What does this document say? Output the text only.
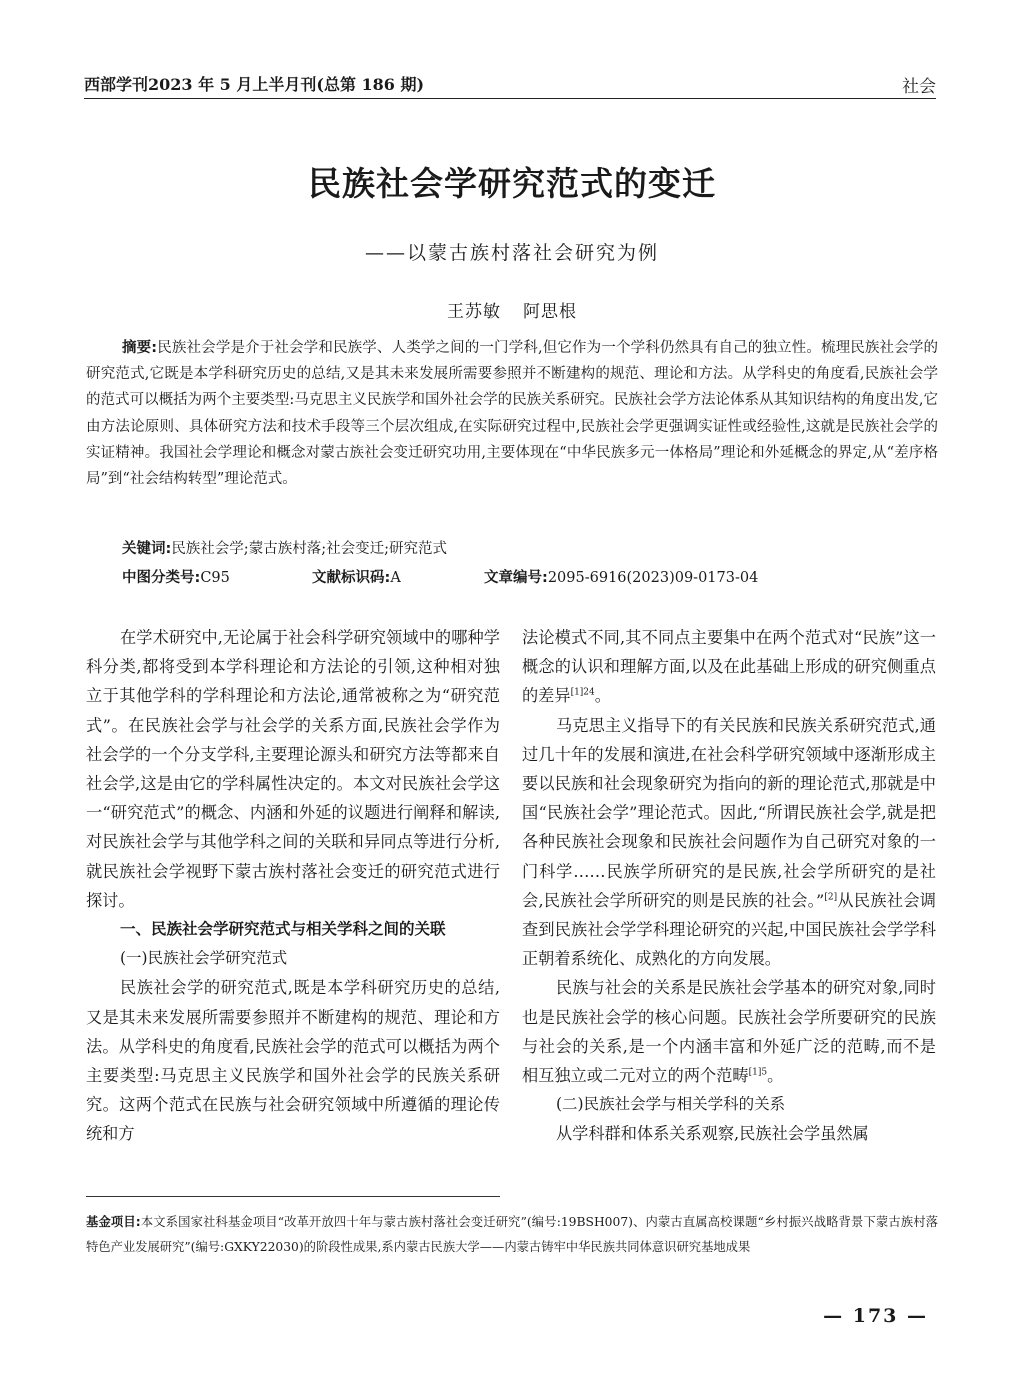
西部学刊2023 年 5 月上半月刊(总第 186 期)	社会
民族社会学研究范式的变迁
——以蒙古族村落社会研究为例
王苏敏 阿思根
摘要:民族社会学是介于社会学和民族学、人类学之间的一门学科,但它作为一个学科仍然具有自己的独立性。梳理民族社会学的研究范式,它既是本学科研究历史的总结,又是其未来发展所需要参照并不断建构的规范、理论和方法。从学科史的角度看,民族社会学的范式可以概括为两个主要类型:马克思主义民族学和国外社会学的民族关系研究。民族社会学方法论体系从其知识结构的角度出发,它由方法论原则、具体研究方法和技术手段等三个层次组成,在实际研究过程中,民族社会学更强调实证性或经验性,这就是民族社会学的实证精神。我国社会学理论和概念对蒙古族社会变迁研究功用,主要体现在“中华民族多元一体格局”理论和外延概念的界定,从“差序格局”到“社会结构转型”理论范式。
关键词:民族社会学;蒙古族村落;社会变迁;研究范式
中图分类号:C95	文献标识码:A	文章编号:2095-6916(2023)09-0173-04

在学术研究中,无论属于社会科学研究领域中的哪种学科分类,都将受到本学科理论和方法论的引领,这种相对独立于其他学科的学科理论和方法论,通常被称之为“研究范式”。在民族社会学与社会学的关系方面,民族社会学作为社会学的一个分支学科,主要理论源头和研究方法等都来自社会学,这是由它的学科属性决定的。本文对民族社会学这一“研究范式”的概念、内涵和外延的议题进行阐释和解读,对民族社会学与其他学科之间的关联和异同点等进行分析,就民族社会学视野下蒙古族村落社会变迁的研究范式进行探讨。

一、民族社会学研究范式与相关学科之间的关联
(一)民族社会学研究范式

民族社会学的研究范式,既是本学科研究历史的总结,又是其未来发展所需要参照并不断建构的规范、理论和方法。从学科史的角度看,民族社会学的范式可以概括为两个主要类型:马克思主义民族学和国外社会学的民族关系研究。这两个范式在民族与社会研究领域中所遵循的理论传统和方

法论模式不同,其不同点主要集中在两个范式对“民族”这一概念的认识和理解方面,以及在此基础上形成的研究侧重点的差异$^{[1]24}$。

马克思主义指导下的有关民族和民族关系研究范式,通过几十年的发展和演进,在社会科学研究领域中逐渐形成主要以民族和社会现象研究为指向的新的理论范式,那就是中国“民族社会学”理论范式。因此,“所谓民族社会学,就是把各种民族社会现象和民族社会问题作为自己研究对象的一门科学……民族学所研究的是民族,社会学所研究的是社会,民族社会学所研究的则是民族的社会。”[2]从民族社会调查到民族社会学学科理论研究的兴起,中国民族社会学学科正朝着系统化、成熟化的方向发展。

民族与社会的关系是民族社会学基本的研究对象,同时也是民族社会学的核心问题。民族社会学所要研究的民族与社会的关系,是一个内涵丰富和外延广泛的范畴,而不是相互独立或二元对立的两个范畴$^{[1]5}$。

(二)民族社会学与相关学科的关系

从学科群和体系关系观察,民族社会学虽然属

基金项目:本文系国家社科基金项目“改革开放四十年与蒙古族村落社会变迁研究”(编号:19BSH007)、内蒙古直属高校课题“乡村振兴战略背景下蒙古族村落特色产业发展研究”(编号:GXKY22030)的阶段性成果,系内蒙古民族大学——内蒙古铸牢中华民族共同体意识研究基地成果
— 173 —
